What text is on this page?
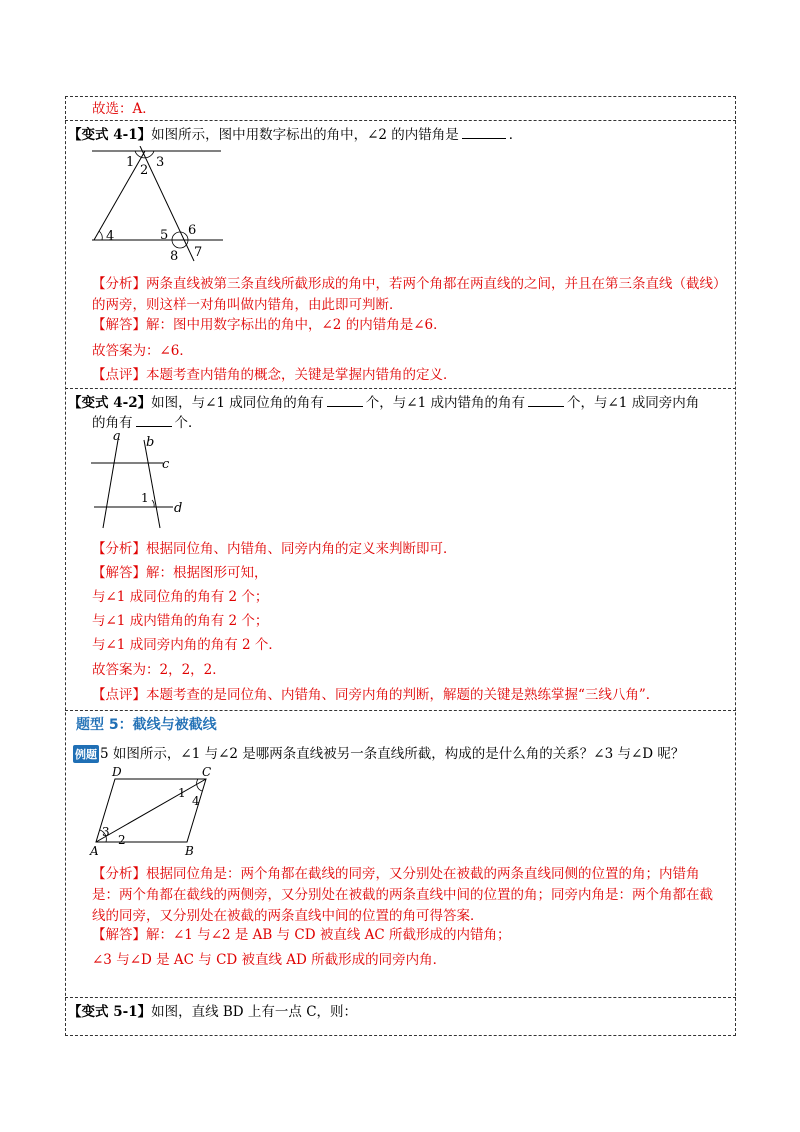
故选：A．
【变式 4-1】如图所示，图中用数字标出的角中，∠2 的内错角是	．
1
2
3
4	5 6
7
8
【分析】两条直线被第三条直线所截形成的角中，若两个角都在两直线的之间，并且在第三条直线（截线）的两旁，则这样一对角叫做内错角，由此即可判断．
【解答】解：图中用数字标出的角中，∠2 的内错角是∠6．
故答案为：∠6．
【点评】本题考查内错角的概念，关键是掌握内错角的定义．
【变式 4-2】如图，与∠1 成同位角的角有	个，与∠1 成内错角的角有	个，与∠1 成同旁内角
的角有	个．
a b
c
1
d
【分析】根据同位角、内错角、同旁内角的定义来判断即可．
【解答】解：根据图形可知，
与∠1 成同位角的角有 2 个；
与∠1 成内错角的角有 2 个；
与∠1 成同旁内角的角有 2 个．
故答案为：2，2，2．
【点评】本题考查的是同位角、内错角、同旁内角的判断，解题的关键是熟练掌握“三线八角”．
题型 5：截线与被截线
例题 5 如图所示，∠1 与∠2 是哪两条直线被另一条直线所截，构成的是什么角的关系？∠3 与∠D 呢？
D	C
1
4
3
2
A	B
【分析】根据同位角是：两个角都在截线的同旁，又分别处在被截的两条直线同侧的位置的角；内错角是：两个角都在截线的两侧旁，又分别处在被截的两条直线中间的位置的角；同旁内角是：两个角都在截线的同旁，又分别处在被截的两条直线中间的位置的角可得答案．
【解答】解：∠1 与∠2 是 AB 与 CD 被直线 AC 所截形成的内错角；
∠3 与∠D 是 AC 与 CD 被直线 AD 所截形成的同旁内角．
【变式 5-1】如图，直线 BD 上有一点 C，则：
